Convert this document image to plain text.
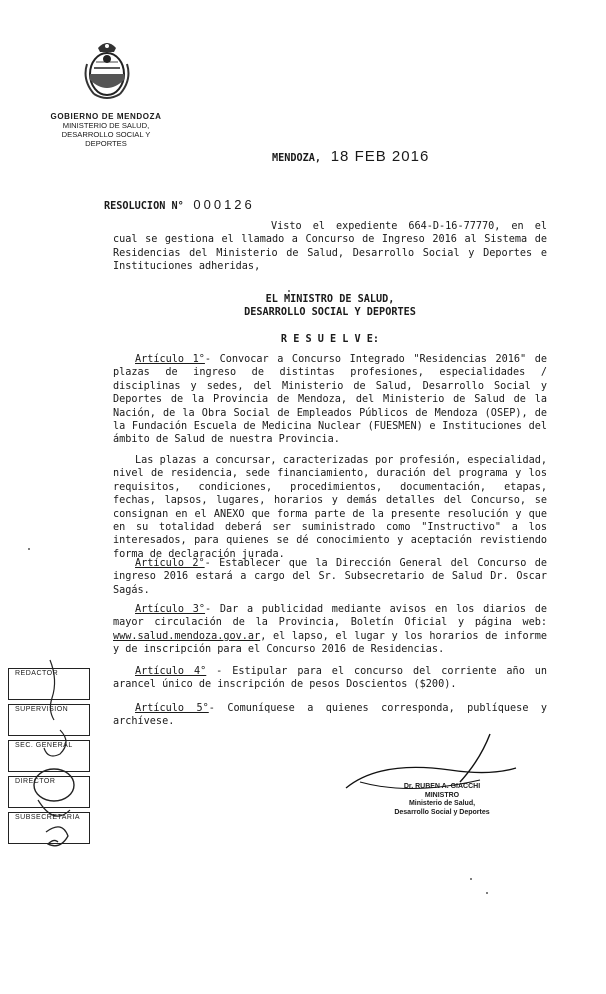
GOBIERNO DE MENDOZA
MINISTERIO DE SALUD,
DESARROLLO SOCIAL Y DEPORTES
MENDOZA, 18 FEB 2016
RESOLUCION N° 000126
Visto el expediente 664-D-16-77770, en el cual se gestiona el llamado a Concurso de Ingreso 2016 al Sistema de Residencias del Ministerio de Salud, Desarrollo Social y Deportes e Instituciones adheridas,
EL MINISTRO DE SALUD,
DESARROLLO SOCIAL Y DEPORTES
R E S U E L V E:
Artículo 1°- Convocar a Concurso Integrado "Residencias 2016" de plazas de ingreso de distintas profesiones, especialidades / disciplinas y sedes, del Ministerio de Salud, Desarrollo Social y Deportes de la Provincia de Mendoza, del Ministerio de Salud de la Nación, de la Obra Social de Empleados Públicos de Mendoza (OSEP), de la Fundación Escuela de Medicina Nuclear (FUESMEN) e Instituciones del ámbito de Salud de nuestra Provincia.
Las plazas a concursar, caracterizadas por profesión, especialidad, nivel de residencia, sede financiamiento, duración del programa y los requisitos, condiciones, procedimientos, documentación, etapas, fechas, lapsos, lugares, horarios y demás detalles del Concurso, se consignan en el ANEXO que forma parte de la presente resolución y que en su totalidad deberá ser suministrado como "Instructivo" a los interesados, para quienes se dé conocimiento y aceptación revistiendo forma de declaración jurada.
Artículo 2°- Establecer que la Dirección General del Concurso de ingreso 2016 estará a cargo del Sr. Subsecretario de Salud Dr. Oscar Sagás.
Artículo 3°- Dar a publicidad mediante avisos en los diarios de mayor circulación de la Provincia, Boletín Oficial y página web: www.salud.mendoza.gov.ar, el lapso, el lugar y los horarios de informe y de inscripción para el Concurso 2016 de Residencias.
Artículo 4° - Estipular para el concurso del corriente año un arancel único de inscripción de pesos Doscientos ($200).
Artículo 5°- Comuníquese a quienes corresponda, publíquese y archívese.
REDACTOR
SUPERVISION
SEC. GENERAL
DIRECTOR
SUBSECRETARIA
Dr. RUBEN A. GIACCHI
MINISTRO
Ministerio de Salud,
Desarrollo Social y Deportes
